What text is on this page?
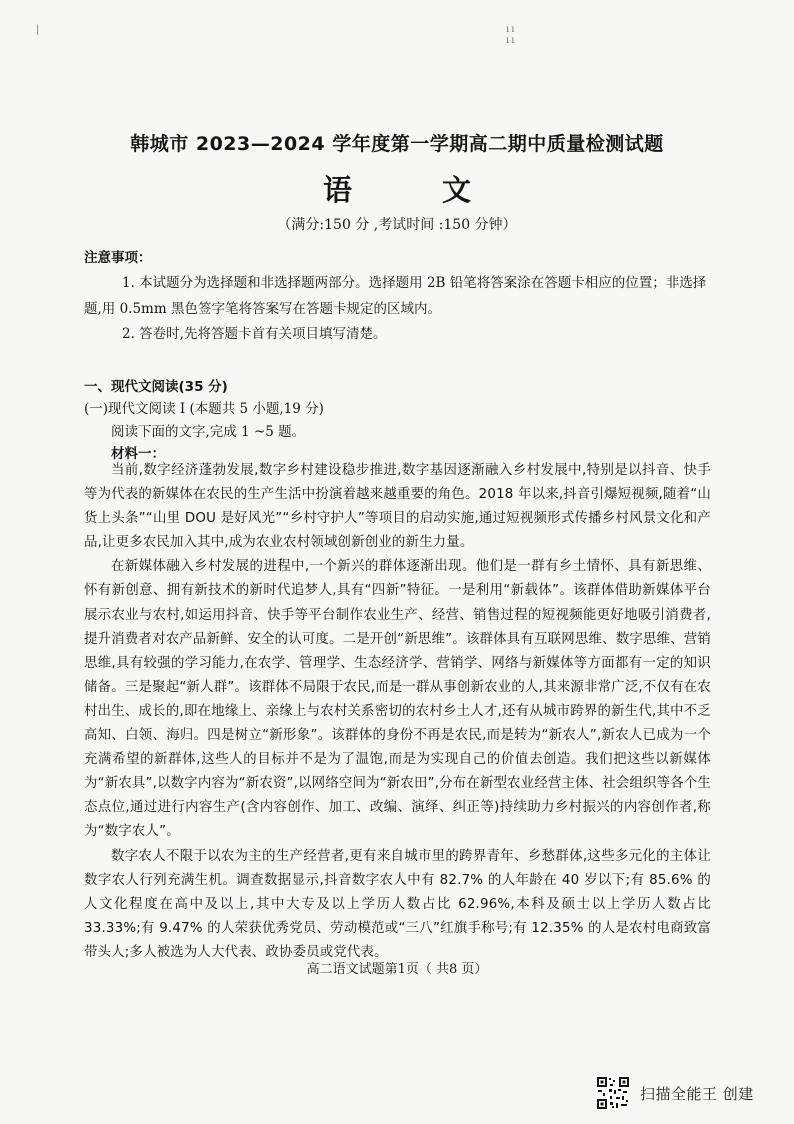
|	ıı ıı
韩城市 2023—2024 学年度第一学期高二期中质量检测试题
语 文
（满分:150 分 ,考试时间 :150 分钟）
注意事项：
1. 本试题分为选择题和非选择题两部分。选择题用 2B 铅笔将答案涂在答题卡相应的位置；非选择题,用 0.5mm 黑色签字笔将答案写在答题卡规定的区域内。
2. 答卷时,先将答题卡首有关项目填写清楚。
一、现代文阅读(35 分)
(一)现代文阅读 I (本题共 5 小题,19 分)
阅读下面的文字,完成 1 ~5 题。
材料一：

当前,数字经济蓬勃发展,数字乡村建设稳步推进,数字基因逐渐融入乡村发展中,特别是以抖音、快手等为代表的新媒体在农民的生产生活中扮演着越来越重要的角色。2018 年以来,抖音引爆短视频,随着“山货上头条”“山里 DOU 是好风光”“乡村守护人”等项目的启动实施,通过短视频形式传播乡村风景文化和产品,让更多农民加入其中,成为农业农村领域创新创业的新生力量。

在新媒体融入乡村发展的进程中,一个新兴的群体逐渐出现。他们是一群有乡土情怀、具有新思维、怀有新创意、拥有新技术的新时代追梦人,具有“四新”特征。一是利用“新载体”。该群体借助新媒体平台展示农业与农村,如运用抖音、快手等平台制作农业生产、经营、销售过程的短视频能更好地吸引消费者,提升消费者对农产品新鲜、安全的认可度。二是开创“新思维”。该群体具有互联网思维、数字思维、营销思维,具有较强的学习能力,在农学、管理学、生态经济学、营销学、网络与新媒体等方面都有一定的知识储备。三是聚起“新人群”。该群体不局限于农民,而是一群从事创新农业的人,其来源非常广泛,不仅有在农村出生、成长的,即在地缘上、亲缘上与农村关系密切的农村乡土人才,还有从城市跨界的新生代,其中不乏高知、白领、海归。四是树立“新形象”。该群体的身份不再是农民,而是转为“新农人”,新农人已成为一个充满希望的新群体,这些人的目标并不是为了温饱,而是为实现自己的价值去创造。我们把这些以新媒体为“新农具”,以数字内容为“新农资”,以网络空间为“新农田”,分布在新型农业经营主体、社会组织等各个生态点位,通过进行内容生产(含内容创作、加工、改编、演绎、纠正等)持续助力乡村振兴的内容创作者,称为“数字农人”。

数字农人不限于以农为主的生产经营者,更有来自城市里的跨界青年、乡愁群体,这些多元化的主体让数字农人行列充满生机。调查数据显示,抖音数字农人中有 82.7% 的人年龄在 40 岁以下;有 85.6% 的人文化程度在高中及以上,其中大专及以上学历人数占比 62.96%,本科及硕士以上学历人数占比 33.33%;有 9.47% 的人荣获优秀党员、劳动模范或“三八”红旗手称号;有 12.35% 的人是农村电商致富带头人;多人被选为人大代表、政协委员或党代表。

高二语文试题第1页（ 共8 页）
扫描全能王 创建
